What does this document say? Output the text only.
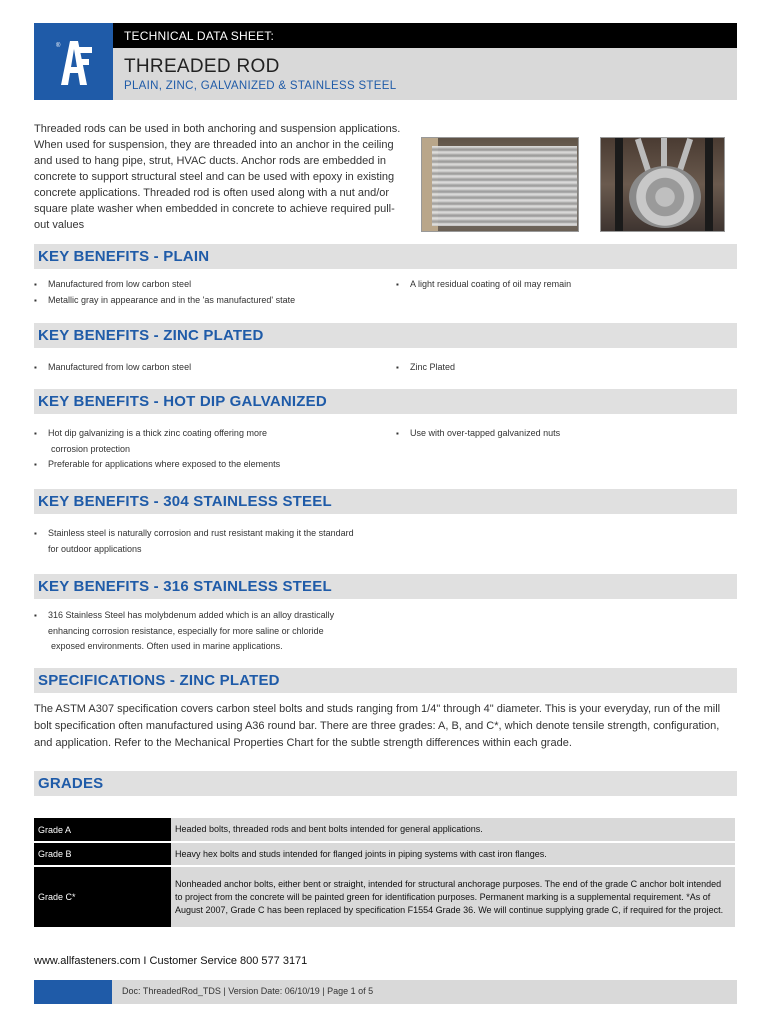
®
TECHNICAL DATA SHEET:
THREADED ROD
PLAIN, ZINC, GALVANIZED & STAINLESS STEEL

Threaded rods can be used in both anchoring and suspension applications. When used for suspension, they are threaded into an anchor in the ceiling and used to hang pipe, strut, HVAC ducts. Anchor rods are embedded in concrete to support structural steel and can be used with epoxy in existing concrete applications. Threaded rod is often used along with a nut and/or square plate washer when embedded in concrete to achieve required pull-out values

KEY BENEFITS - PLAIN
▪ Manufactured from low carbon steel
▪ Metallic gray in appearance and in the 'as manufactured' state
▪ A light residual coating of oil may remain
KEY BENEFITS - ZINC PLATED
▪ Manufactured from low carbon steel	▪ Zinc Plated
KEY BENEFITS - HOT DIP GALVANIZED
▪ Hot dip galvanizing is a thick zinc coating offering more
corrosion protection
▪ Preferable for applications where exposed to the elements
▪ Use with over-tapped galvanized nuts
KEY BENEFITS - 304 STAINLESS STEEL
▪ Stainless steel is naturally corrosion and rust resistant making it the standard
for outdoor applications
KEY BENEFITS - 316 STAINLESS STEEL
▪ 316 Stainless Steel has molybdenum added which is an alloy drastically
enhancing corrosion resistance, especially for more saline or chloride
exposed environments. Often used in marine applications.
SPECIFICATIONS - ZINC PLATED

The ASTM A307 specification covers carbon steel bolts and studs ranging from 1/4" through 4" diameter. This is your everyday, run of the mill bolt specification often manufactured using A36 round bar. There are three grades: A, B, and C*, which denote tensile strength, configuration, and application. Refer to the Mechanical Properties Chart for the subtle strength differences within each grade.

GRADES
Grade A	Headed bolts, threaded rods and bent bolts intended for general applications.
Grade B	Heavy hex bolts and studs intended for flanged joints in piping systems with cast iron flanges.
Grade C*	Nonheaded anchor bolts, either bent or straight, intended for structural anchorage purposes. The end of the grade C anchor bolt intended to project from the concrete will be painted green for identification purposes. Permanent marking is a supplemental requirement. *As of August 2007, Grade C has been replaced by specification F1554 Grade 36. We will continue supplying grade C, if required for the project.
www.allfasteners.com I Customer Service 800 577 3171
Doc: ThreadedRod_TDS | Version Date: 06/10/19 | Page 1 of 5
